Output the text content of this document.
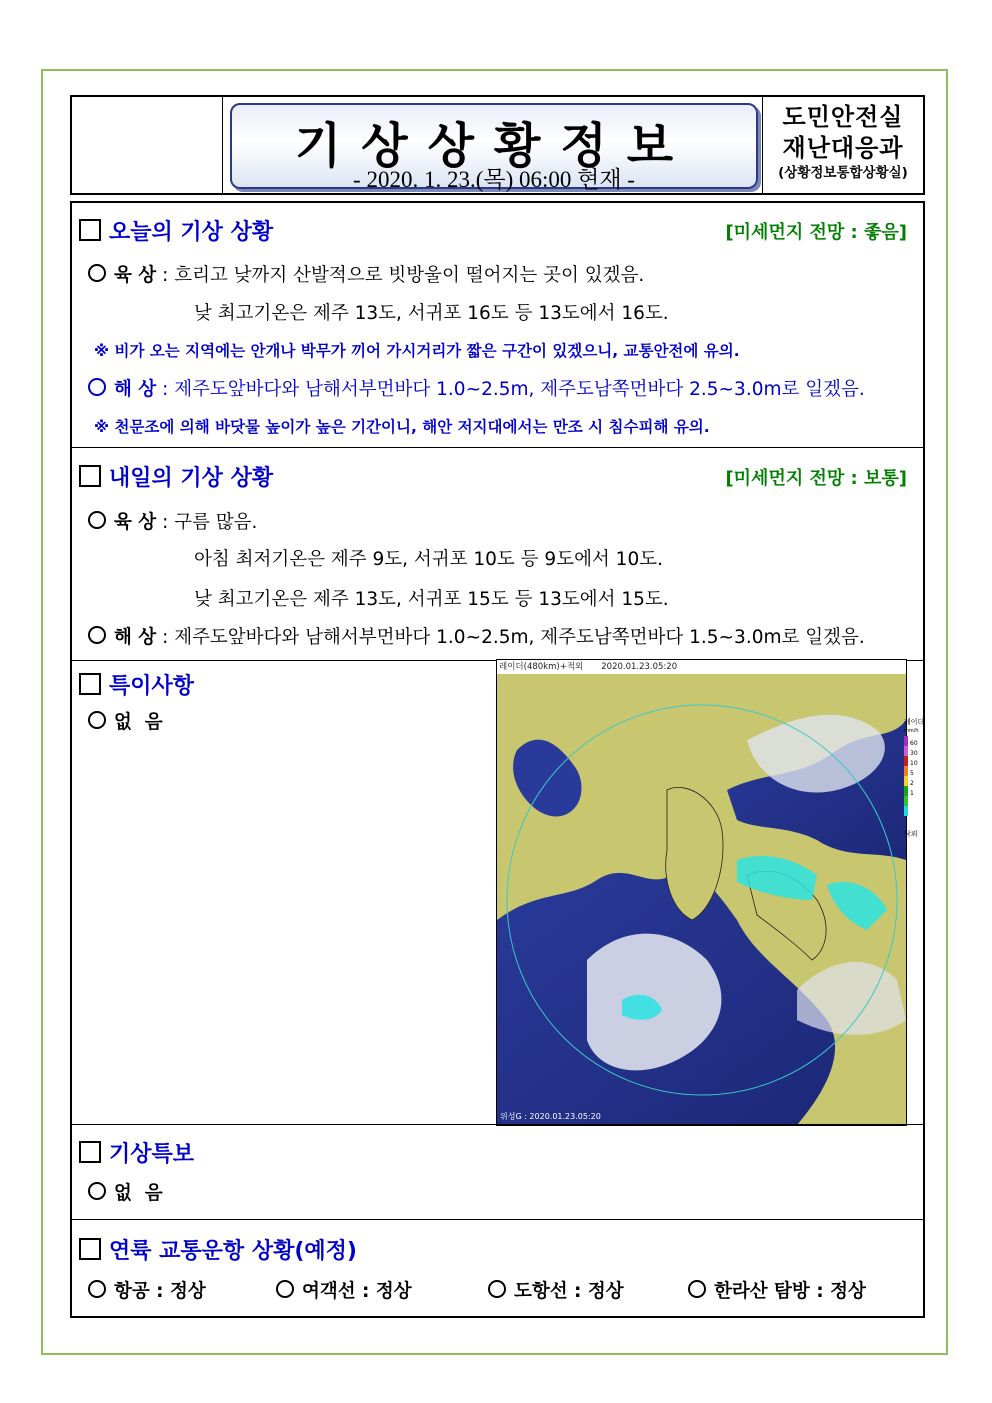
기상상황정보
- 2020. 1. 23.(목) 06:00 현재 -
도민안전실
재난대응과
(상황정보통합상황실)
오늘의 기상 상황	[미세먼지 전망 : 좋음]
육 상 : 흐리고 낮까지 산발적으로 빗방울이 떨어지는 곳이 있겠음.
낮 최고기온은 제주 13도, 서귀포 16도 등 13도에서 16도.
※ 비가 오는 지역에는 안개나 박무가 끼어 가시거리가 짧은 구간이 있겠으니, 교통안전에 유의.
해 상 : 제주도앞바다와 남해서부먼바다 1.0~2.5m, 제주도남쪽먼바다 2.5~3.0m로 일겠음.
※ 천문조에 의해 바닷물 높이가 높은 기간이니, 해안 저지대에서는 만조 시 침수피해 유의.
내일의 기상 상황	[미세먼지 전망 : 보통]
육 상 : 구름 많음.
아침 최저기온은 제주 9도, 서귀포 10도 등 9도에서 10도.
낮 최고기온은 제주 13도, 서귀포 15도 등 13도에서 15도.
해 상 : 제주도앞바다와 남해서부먼바다 1.0~2.5m, 제주도남쪽먼바다 1.5~3.0m로 일겠음.
특이사항
없  음
레이더(480km)+적외 2020.01.23.05:20
위성G : 2020.01.23.05:20
레이더
mm/h
60
30
10
5
2
1
낙뢰
기상특보
없  음
연륙 교통운항 상황(예정)
항공 : 정상	여객선 : 정상	도항선 : 정상	한라산 탐방 : 정상
